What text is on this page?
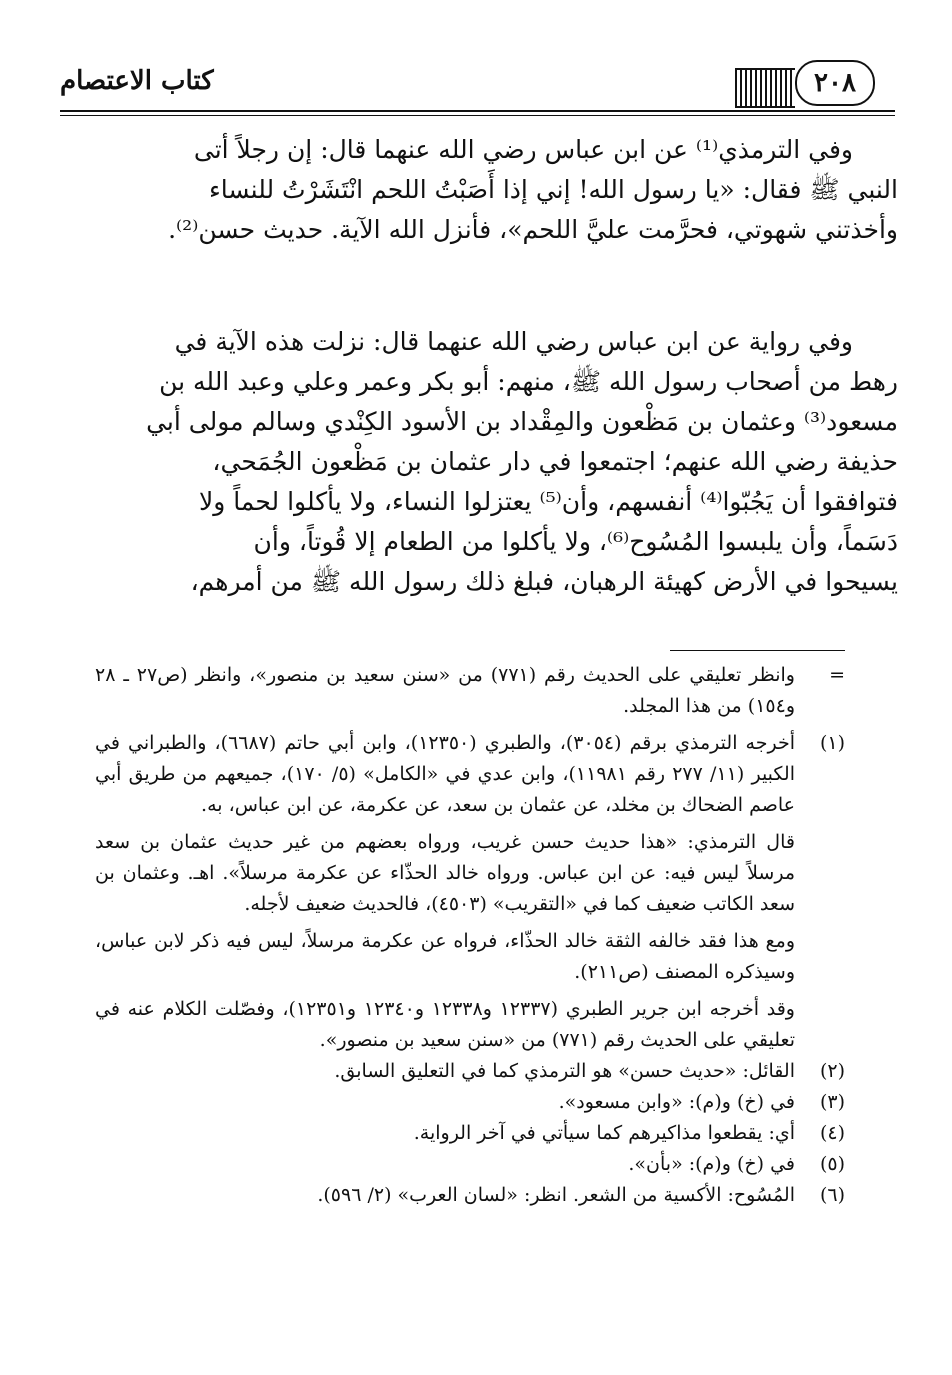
كتاب الاعتصام	٢٠٨
وفي الترمذي⁽¹⁾ عن ابن عباس رضي الله عنهما قال: إن رجلاً أتى
النبي ﷺ فقال: «يا رسول الله! إني إذا أَصَبْتُ اللحم انْتَشَرْتُ للنساء
وأخذتني شهوتي، فحرَّمت عليَّ اللحم»، فأنزل الله الآية. حديث حسن⁽²⁾.
وفي رواية عن ابن عباس رضي الله عنهما قال: نزلت هذه الآية في
رهط من أصحاب رسول الله ﷺ، منهم: أبو بكر وعمر وعلي وعبد الله بن
مسعود⁽³⁾ وعثمان بن مَظْعون والمِقْداد بن الأسود الكِنْدي وسالم مولى أبي
حذيفة رضي الله عنهم؛ اجتمعوا في دار عثمان بن مَظْعون الجُمَحي،
فتوافقوا أن يَجُبّوا⁽⁴⁾ أنفسهم، وأن⁽⁵⁾ يعتزلوا النساء، ولا يأكلوا لحماً ولا
دَسَماً، وأن يلبسوا المُسُوح⁽⁶⁾، ولا يأكلوا من الطعام إلا قُوتاً، وأن
يسيحوا في الأرض كهيئة الرهبان، فبلغ ذلك رسول الله ﷺ من أمرهم،
=
وانظر تعليقي على الحديث رقم (٧٧١) من «سنن سعيد بن منصور»، وانظر (ص٢٧ ـ ٢٨ و١٥٤) من هذا المجلد.
(١)
أخرجه الترمذي برقم (٣٠٥٤)، والطبري (١٢٣٥٠)، وابن أبي حاتم (٦٦٨٧)، والطبراني في الكبير (١١/ ٢٧٧ رقم ١١٩٨١)، وابن عدي في «الكامل» (٥/ ١٧٠)، جميعهم من طريق أبي عاصم الضحاك بن مخلد، عن عثمان بن سعد، عن عكرمة، عن ابن عباس، به.
قال الترمذي: «هذا حديث حسن غريب، ورواه بعضهم من غير حديث عثمان بن سعد مرسلاً ليس فيه: عن ابن عباس. ورواه خالد الحذّاء عن عكرمة مرسلاً». اهـ. وعثمان بن سعد الكاتب ضعيف كما في «التقريب» (٤٥٠٣)، فالحديث ضعيف لأجله.
ومع هذا فقد خالفه الثقة خالد الحذّاء، فرواه عن عكرمة مرسلاً، ليس فيه ذكر لابن عباس، وسيذكره المصنف (ص٢١١).
وقد أخرجه ابن جرير الطبري (١٢٣٣٧ و١٢٣٣٨ و١٢٣٤٠ و١٢٣٥١)، وفصّلت الكلام عنه في تعليقي على الحديث رقم (٧٧١) من «سنن سعيد بن منصور».
(٢)
القائل: «حديث حسن» هو الترمذي كما في التعليق السابق.
(٣)
في (خ) و(م): «وابن مسعود».
(٤)
أي: يقطعوا مذاكيرهم كما سيأتي في آخر الرواية.
(٥)
في (خ) و(م): «بأن».
(٦)
المُسُوح: الأكسية من الشعر. انظر: «لسان العرب» (٢/ ٥٩٦).
